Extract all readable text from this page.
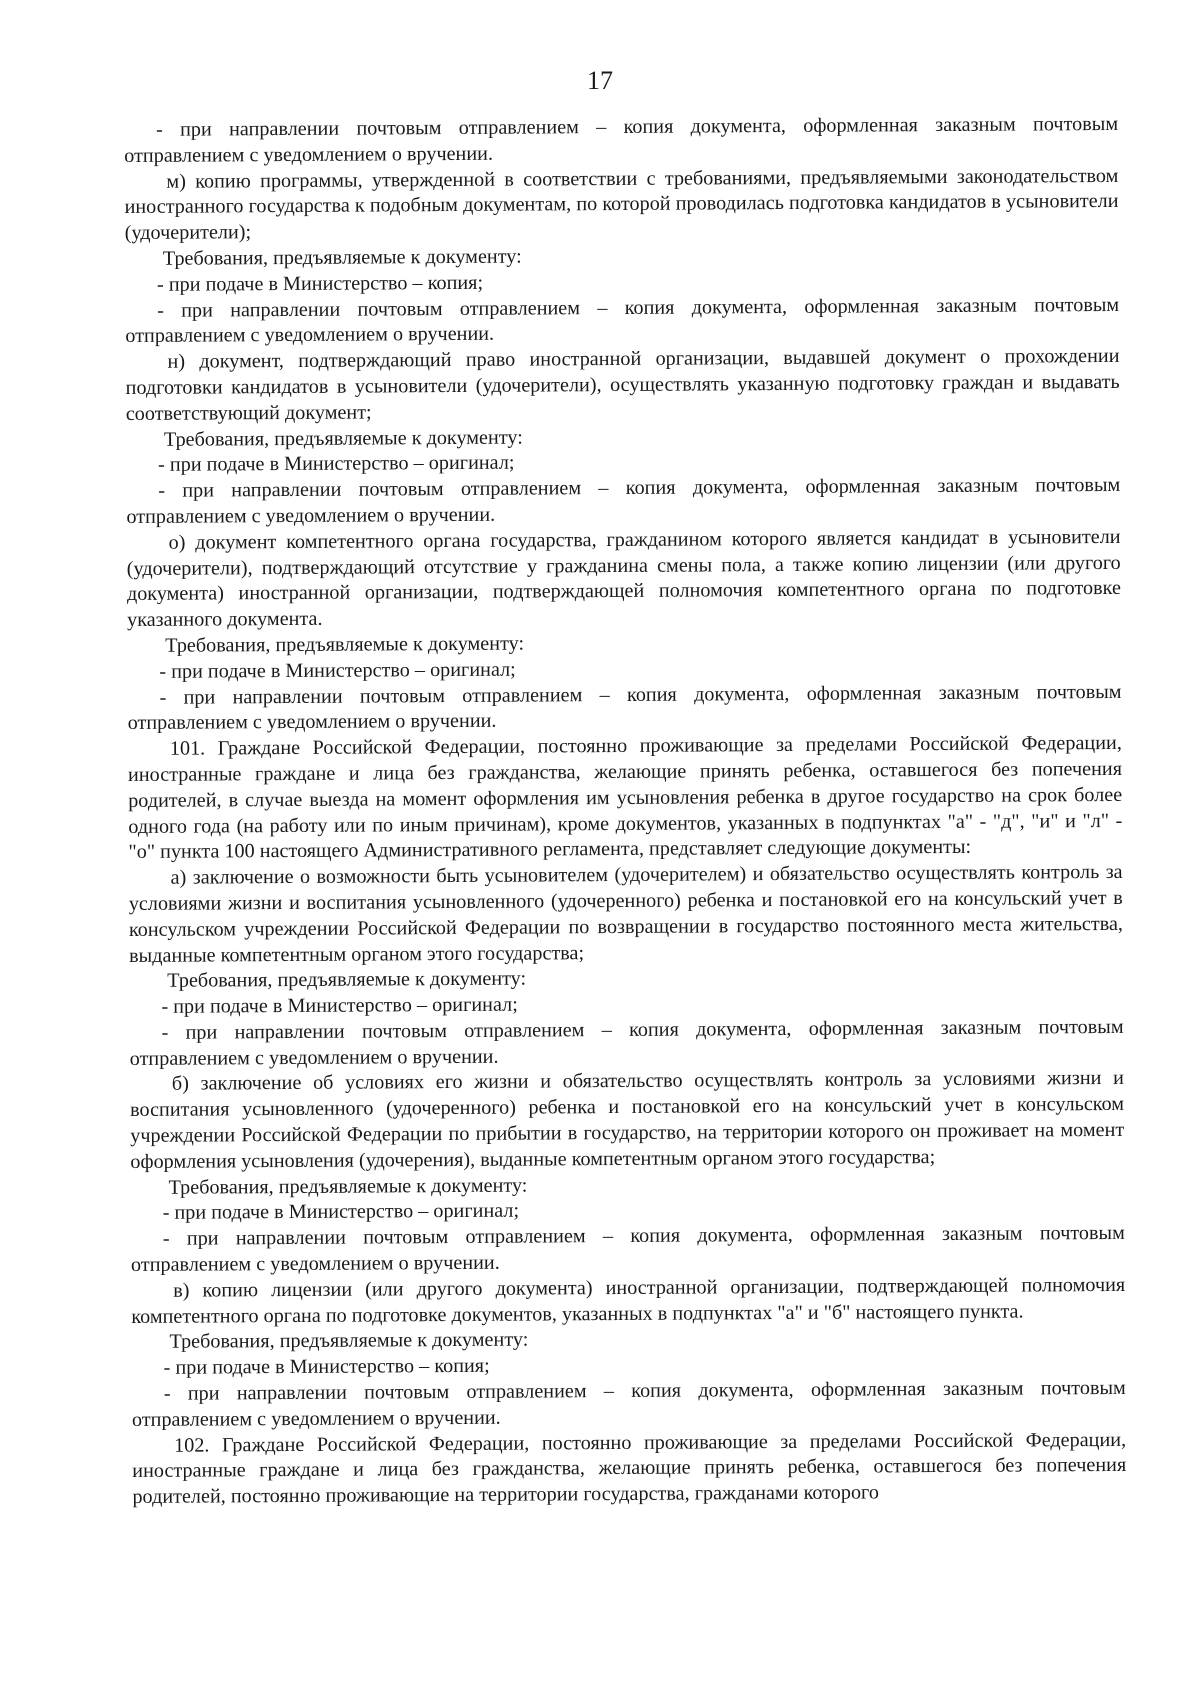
17

- при направлении почтовым отправлением – копия документа, оформленная заказным почтовым отправлением с уведомлением о вручении.

м) копию программы, утвержденной в соответствии с требованиями, предъявляемыми законодательством иностранного государства к подобным документам, по которой проводилась подготовка кандидатов в усыновители (удочерители);

Требования, предъявляемые к документу:

- при подаче в Министерство – копия;

- при направлении почтовым отправлением – копия документа, оформленная заказным почтовым отправлением с уведомлением о вручении.

н) документ, подтверждающий право иностранной организации, выдавшей документ о прохождении подготовки кандидатов в усыновители (удочерители), осуществлять указанную подготовку граждан и выдавать соответствующий документ;

Требования, предъявляемые к документу:

- при подаче в Министерство – оригинал;

- при направлении почтовым отправлением – копия документа, оформленная заказным почтовым отправлением с уведомлением о вручении.

о) документ компетентного органа государства, гражданином которого является кандидат в усыновители (удочерители), подтверждающий отсутствие у гражданина смены пола, а также копию лицензии (или другого документа) иностранной организации, подтверждающей полномочия компетентного органа по подготовке указанного документа.

Требования, предъявляемые к документу:

- при подаче в Министерство – оригинал;

- при направлении почтовым отправлением – копия документа, оформленная заказным почтовым отправлением с уведомлением о вручении.

101. Граждане Российской Федерации, постоянно проживающие за пределами Российской Федерации, иностранные граждане и лица без гражданства, желающие принять ребенка, оставшегося без попечения родителей, в случае выезда на момент оформления им усыновления ребенка в другое государство на срок более одного года (на работу или по иным причинам), кроме документов, указанных в подпунктах "а" - "д", "и" и "л" - "о" пункта 100 настоящего Административного регламента, представляет следующие документы:

а) заключение о возможности быть усыновителем (удочерителем) и обязательство осуществлять контроль за условиями жизни и воспитания усыновленного (удочеренного) ребенка и постановкой его на консульский учет в консульском учреждении Российской Федерации по возвращении в государство постоянного места жительства, выданные компетентным органом этого государства;

Требования, предъявляемые к документу:

- при подаче в Министерство – оригинал;

- при направлении почтовым отправлением – копия документа, оформленная заказным почтовым отправлением с уведомлением о вручении.

б) заключение об условиях его жизни и обязательство осуществлять контроль за условиями жизни и воспитания усыновленного (удочеренного) ребенка и постановкой его на консульский учет в консульском учреждении Российской Федерации по прибытии в государство, на территории которого он проживает на момент оформления усыновления (удочерения), выданные компетентным органом этого государства;

Требования, предъявляемые к документу:

- при подаче в Министерство – оригинал;

- при направлении почтовым отправлением – копия документа, оформленная заказным почтовым отправлением с уведомлением о вручении.

в) копию лицензии (или другого документа) иностранной организации, подтверждающей полномочия компетентного органа по подготовке документов, указанных в подпунктах "а" и "б" настоящего пункта.

Требования, предъявляемые к документу:

- при подаче в Министерство – копия;

- при направлении почтовым отправлением – копия документа, оформленная заказным почтовым отправлением с уведомлением о вручении.

102. Граждане Российской Федерации, постоянно проживающие за пределами Российской Федерации, иностранные граждане и лица без гражданства, желающие принять ребенка, оставшегося без попечения родителей, постоянно проживающие на территории государства, гражданами которого
